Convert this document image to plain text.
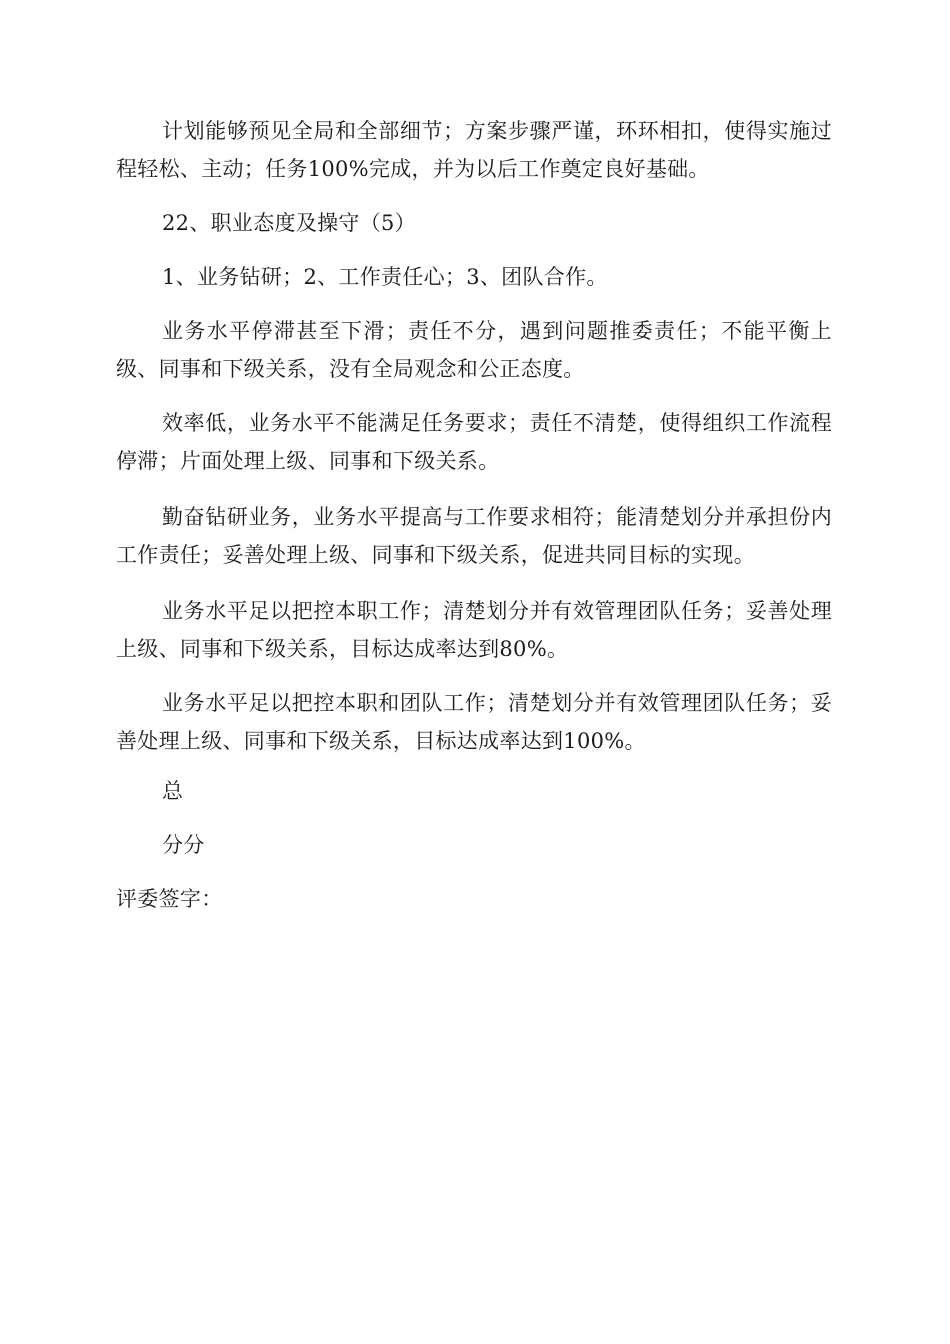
计划能够预见全局和全部细节；方案步骤严谨，环环相扣，使得实施过程轻松、主动；任务100%完成，并为以后工作奠定良好基础。

22、职业态度及操守（5）

1、业务钻研；2、工作责任心；3、团队合作。

业务水平停滞甚至下滑；责任不分，遇到问题推委责任；不能平衡上级、同事和下级关系，没有全局观念和公正态度。

效率低，业务水平不能满足任务要求；责任不清楚，使得组织工作流程停滞；片面处理上级、同事和下级关系。

勤奋钻研业务，业务水平提高与工作要求相符；能清楚划分并承担份内工作责任；妥善处理上级、同事和下级关系，促进共同目标的实现。

业务水平足以把控本职工作；清楚划分并有效管理团队任务；妥善处理上级、同事和下级关系，目标达成率达到80%。

业务水平足以把控本职和团队工作；清楚划分并有效管理团队任务；妥善处理上级、同事和下级关系，目标达成率达到100%。

总

分分

评委签字：
